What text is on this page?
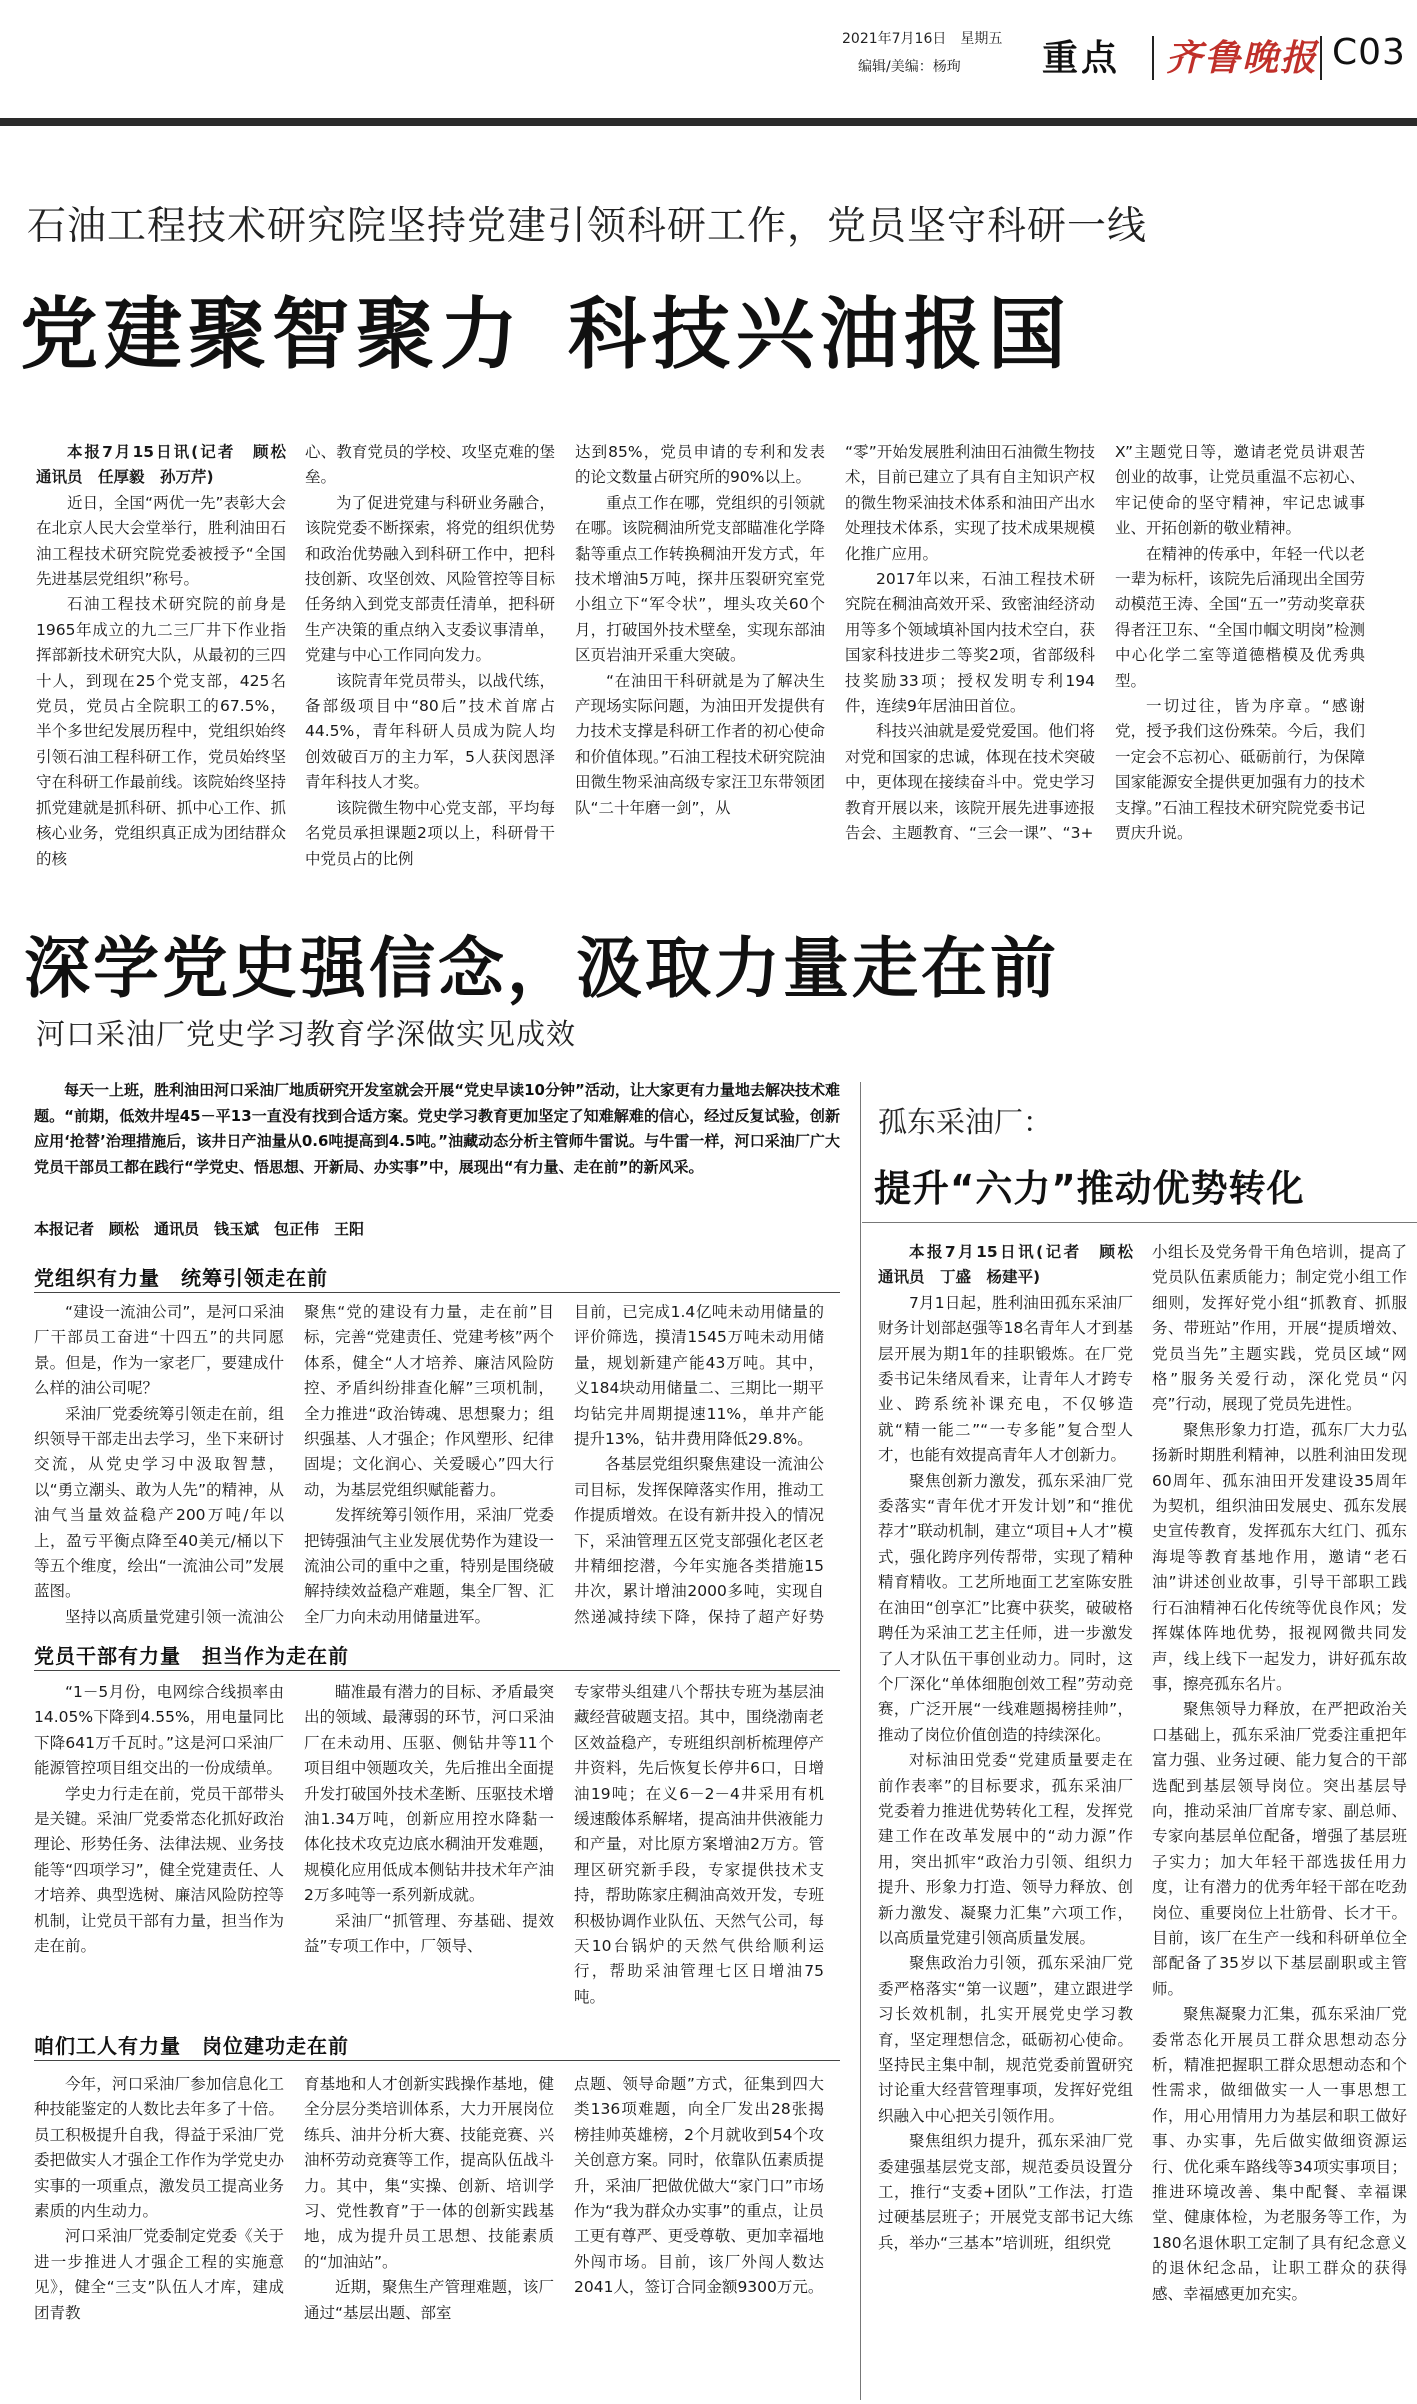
2021年7月16日　星期五
编辑/美编：杨珣 重点 齐鲁晚报 C03
石油工程技术研究院坚持党建引领科研工作，党员坚守科研一线
党建聚智聚力 科技兴油报国

本报7月15日讯(记者　顾松　通讯员　任厚毅　孙万芹)

近日，全国“两优一先”表彰大会在北京人民大会堂举行，胜利油田石油工程技术研究院党委被授予“全国先进基层党组织”称号。

石油工程技术研究院的前身是1965年成立的九二三厂井下作业指挥部新技术研究大队，从最初的三四十人，到现在25个党支部，425名党员，党员占全院职工的67.5%，半个多世纪发展历程中，党组织始终引领石油工程科研工作，党员始终坚守在科研工作最前线。该院始终坚持抓党建就是抓科研、抓中心工作、抓核心业务，党组织真正成为团结群众的核

心、教育党员的学校、攻坚克难的堡垒。

为了促进党建与科研业务融合，该院党委不断探索，将党的组织优势和政治优势融入到科研工作中，把科技创新、攻坚创效、风险管控等目标任务纳入到党支部责任清单，把科研生产决策的重点纳入支委议事清单，党建与中心工作同向发力。

该院青年党员带头，以战代练，备部级项目中“80后”技术首席占44.5%，青年科研人员成为院人均创效破百万的主力军，5人获闵恩泽青年科技人才奖。

该院微生物中心党支部，平均每名党员承担课题2项以上，科研骨干中党员占的比例

达到85%，党员申请的专利和发表的论文数量占研究所的90%以上。

重点工作在哪，党组织的引领就在哪。该院稠油所党支部瞄准化学降黏等重点工作转换稠油开发方式，年技术增油5万吨，探井压裂研究室党小组立下“军令状”，埋头攻关60个月，打破国外技术壁垒，实现东部油区页岩油开采重大突破。

“在油田干科研就是为了解决生产现场实际问题，为油田开发提供有力技术支撑是科研工作者的初心使命和价值体现。”石油工程技术研究院油田微生物采油高级专家汪卫东带领团队“二十年磨一剑”，从

“零”开始发展胜利油田石油微生物技术，目前已建立了具有自主知识产权的微生物采油技术体系和油田产出水处理技术体系，实现了技术成果规模化推广应用。

2017年以来，石油工程技术研究院在稠油高效开采、致密油经济动用等多个领域填补国内技术空白，获国家科技进步二等奖2项，省部级科技奖励33项；授权发明专利194件，连续9年居油田首位。

科技兴油就是爱党爱国。他们将对党和国家的忠诚，体现在技术突破中，更体现在接续奋斗中。党史学习教育开展以来，该院开展先进事迹报告会、主题教育、“三会一课”、“3+

X”主题党日等，邀请老党员讲艰苦创业的故事，让党员重温不忘初心、牢记使命的坚守精神，牢记忠诚事业、开拓创新的敬业精神。

在精神的传承中，年轻一代以老一辈为标杆，该院先后涌现出全国劳动模范王涛、全国“五一”劳动奖章获得者汪卫东、“全国巾帼文明岗”检测中心化学二室等道德楷模及优秀典型。

一切过往，皆为序章。“感谢党，授予我们这份殊荣。今后，我们一定会不忘初心、砥砺前行，为保障国家能源安全提供更加强有力的技术支撑。”石油工程技术研究院党委书记贾庆升说。

深学党史强信念，汲取力量走在前
河口采油厂党史学习教育学深做实见成效
每天一上班，胜利油田河口采油厂地质研究开发室就会开展“党史早读10分钟”活动，让大家更有力量地去解决技术难题。“前期，低效井埕45－平13一直没有找到合适方案。党史学习教育更加坚定了知难解难的信心，经过反复试验，创新应用‘抢替’治理措施后，该井日产油量从0.6吨提高到4.5吨。”油藏动态分析主管师牛雷说。与牛雷一样，河口采油厂广大党员干部员工都在践行“学党史、悟思想、开新局、办实事”中，展现出“有力量、走在前”的新风采。
本报记者　顾松　通讯员　钱玉斌　包正伟　王阳
党组织有力量　统筹引领走在前

“建设一流油公司”，是河口采油厂干部员工奋进“十四五”的共同愿景。但是，作为一家老厂，要建成什么样的油公司呢？

采油厂党委统筹引领走在前，组织领导干部走出去学习，坐下来研讨交流，从党史学习中汲取智慧，以“勇立潮头、敢为人先”的精神，从油气当量效益稳产200万吨/年以上，盈亏平衡点降至40美元/桶以下等五个维度，绘出“一流油公司”发展蓝图。

坚持以高质量党建引领一流油公

聚焦“党的建设有力量，走在前”目标，完善“党建责任、党建考核”两个体系，健全“人才培养、廉洁风险防控、矛盾纠纷排查化解”三项机制，全力推进“政治铸魂、思想聚力；组织强基、人才强企；作风塑形、纪律固堤；文化润心、关爱暖心”四大行动，为基层党组织赋能蓄力。

发挥统筹引领作用，采油厂党委把铸强油气主业发展优势作为建设一流油公司的重中之重，特别是围绕破解持续效益稳产难题，集全厂智、汇全厂力向未动用储量进军。

目前，已完成1.4亿吨未动用储量的评价筛选，摸清1545万吨未动用储量，规划新建产能43万吨。其中，义184块动用储量二、三期比一期平均钻完井周期提速11%，单井产能提升13%，钻井费用降低29.8%。

各基层党组织聚焦建设一流油公司目标，发挥保障落实作用，推动工作提质增效。在设有新井投入的情况下，采油管理五区党支部强化老区老井精细挖潜，今年实施各类措施15井次，累计增油2000多吨，实现自然递减持续下降，保持了超产好势

党员干部有力量　担当作为走在前

“1－5月份，电网综合线损率由14.05%下降到4.55%，用电量同比下降641万千瓦时。”这是河口采油厂能源管控项目组交出的一份成绩单。

学史力行走在前，党员干部带头是关键。采油厂党委常态化抓好政治理论、形势任务、法律法规、业务技能等“四项学习”，健全党建责任、人才培养、典型选树、廉洁风险防控等机制，让党员干部有力量，担当作为走在前。

瞄准最有潜力的目标、矛盾最突出的领域、最薄弱的环节，河口采油厂在未动用、压驱、侧钻井等11个项目组中领题攻关，先后推出全面提升发打破国外技术垄断、压驱技术增油1.34万吨，创新应用控水降黏一体化技术攻克边底水稠油开发难题，规模化应用低成本侧钻井技术年产油2万多吨等一系列新成就。

采油厂“抓管理、夯基础、提效益”专项工作中，厂领导、

专家带头组建八个帮扶专班为基层油藏经营破题支招。其中，围绕渤南老区效益稳产，专班组织剖析梳理停产井资料，先后恢复长停井6口，日增油19吨；在义6－2－4井采用有机缓速酸体系解堵，提高油井供液能力和产量，对比原方案增油2万方。管理区研究新手段，专家提供技术支持，帮助陈家庄稠油高效开发，专班积极协调作业队伍、天然气公司，每天10台锅炉的天然气供给顺利运行，帮助采油管理七区日增油75吨。

咱们工人有力量　岗位建功走在前

今年，河口采油厂参加信息化工种技能鉴定的人数比去年多了十倍。员工积极提升自我，得益于采油厂党委把做实人才强企工作作为学党史办实事的一项重点，激发员工提高业务素质的内生动力。

河口采油厂党委制定党委《关于进一步推进人才强企工程的实施意见》，健全“三支”队伍人才库，建成团青教

育基地和人才创新实践操作基地，健全分层分类培训体系，大力开展岗位练兵、油井分析大赛、技能竞赛、兴油杯劳动竞赛等工作，提高队伍战斗力。其中，集“实操、创新、培训学习、党性教育”于一体的创新实践基地，成为提升员工思想、技能素质的“加油站”。

近期，聚焦生产管理难题，该厂通过“基层出题、部室

点题、领导命题”方式，征集到四大类136项难题，向全厂发出28张揭榜挂帅英雄榜，2个月就收到54个攻关创意方案。同时，依靠队伍素质提升，采油厂把做优做大“家门口”市场作为“我为群众办实事”的重点，让员工更有尊严、更受尊敬、更加幸福地外闯市场。目前，该厂外闯人数达2041人，签订合同金额9300万元。

孤东采油厂：
提升“六力”推动优势转化

本报7月15日讯(记者　顾松　通讯员　丁盛　杨建平)

7月1日起，胜利油田孤东采油厂财务计划部赵强等18名青年人才到基层开展为期1年的挂职锻炼。在厂党委书记朱绪凤看来，让青年人才跨专业、跨系统补课充电，不仅够造就“精一能二”“一专多能”复合型人才，也能有效提高青年人才创新力。

聚焦创新力激发，孤东采油厂党委落实“青年优才开发计划”和“推优荐才”联动机制，建立“项目+人才”模式，强化跨序列传帮带，实现了精种精育精收。工艺所地面工艺室陈安胜在油田“创享汇”比赛中获奖，破破格聘任为采油工艺主任师，进一步激发了人才队伍干事创业动力。同时，这个厂深化“单体细胞创效工程”劳动竞赛，广泛开展“一线难题揭榜挂帅”，推动了岗位价值创造的持续深化。

对标油田党委“党建质量要走在前作表率”的目标要求，孤东采油厂党委着力推进优势转化工程，发挥党建工作在改革发展中的“动力源”作用，突出抓牢“政治力引领、组织力提升、形象力打造、领导力释放、创新力激发、凝聚力汇集”六项工作，以高质量党建引领高质量发展。

聚焦政治力引领，孤东采油厂党委严格落实“第一议题”，建立跟进学习长效机制，扎实开展党史学习教育，坚定理想信念，砥砺初心使命。坚持民主集中制，规范党委前置研究讨论重大经营管理事项，发挥好党组织融入中心把关引领作用。

聚焦组织力提升，孤东采油厂党委建强基层党支部，规范委员设置分工，推行“支委+团队”工作法，打造过硬基层班子；开展党支部书记大练兵，举办“三基本”培训班，组织党

小组长及党务骨干角色培训，提高了党员队伍素质能力；制定党小组工作细则，发挥好党小组“抓教育、抓服务、带班站”作用，开展“提质增效、党员当先”主题实践，党员区域“网格”服务关爱行动，深化党员“闪亮”行动，展现了党员先进性。

聚焦形象力打造，孤东厂大力弘扬新时期胜利精神，以胜利油田发现60周年、孤东油田开发建设35周年为契机，组织油田发展史、孤东发展史宣传教育，发挥孤东大红门、孤东海堤等教育基地作用，邀请“老石油”讲述创业故事，引导干部职工践行石油精神石化传统等优良作风；发挥媒体阵地优势，报视网微共同发声，线上线下一起发力，讲好孤东故事，擦亮孤东名片。

聚焦领导力释放，在严把政治关口基础上，孤东采油厂党委注重把年富力强、业务过硬、能力复合的干部选配到基层领导岗位。突出基层导向，推动采油厂首席专家、副总师、专家向基层单位配备，增强了基层班子实力；加大年轻干部选拔任用力度，让有潜力的优秀年轻干部在吃劲岗位、重要岗位上壮筋骨、长才干。目前，该厂在生产一线和科研单位全部配备了35岁以下基层副职或主管师。

聚焦凝聚力汇集，孤东采油厂党委常态化开展员工群众思想动态分析，精准把握职工群众思想动态和个性需求，做细做实一人一事思想工作，用心用情用力为基层和职工做好事、办实事，先后做实做细资源运行、优化乘车路线等34项实事项目；推进环境改善、集中配餐、幸福课堂、健康体检，为老服务等工作，为180名退休职工定制了具有纪念意义的退休纪念品，让职工群众的获得感、幸福感更加充实。
